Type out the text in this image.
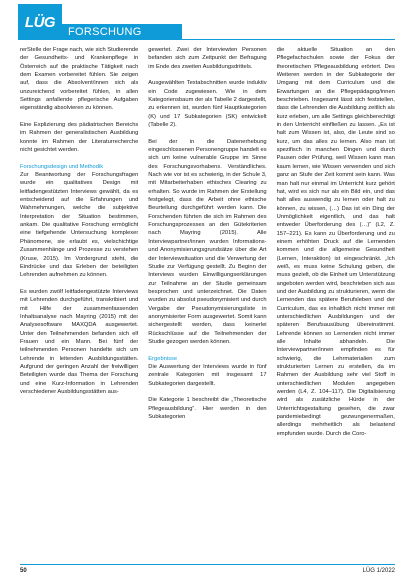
LÜG
FORSCHUNG

rerStelle der Frage nach, wie sich Studierende der Gesundheits- und Krankenpflege in Österreich auf die praktische Tätigkeit nach dem Examen vorbereitet fühlen. Sie zeigen auf, dass die Absolvent/innen sich als unzureichend vorbereitet fühlen, in allen Settings anfallende pflegerische Aufgaben eigenständig absolvieren zu können.

Eine Explizierung des pädiatrischen Bereichs im Rahmen der generalistischen Ausbildung konnte im Rahmen der Literaturrecherche nicht gesichtet werden.

Forschungsdesign und Methodik

Zur Beantwortung der Forschungsfragen wurde ein qualitatives Design mit leitfadengestützten Interviews gewählt, da es entscheidend auf die Erfahrungen und Wahrnehmungen, welche die subjektive Interpretation der Situation bestimmen, ankam. Die qualitative Forschung ermöglicht eine tiefgehende Untersuchung komplexer Phänomene, sie erlaubt es, vielschichtige Zusammenhänge und Prozesse zu verstehen (Kruse, 2015). Im Vordergrund steht, die Eindrücke und das Erleben der beteiligten Lehrenden aufnehmen zu können.

Es wurden zwölf leitfadengestützte Interviews mit Lehrenden durchgeführt, transkribiert und mit Hilfe der zusammenfassenden Inhaltsanalyse nach Mayring (2015) mit der Analysesoftware MAXQDA ausgewertet. Unter den Teilnehmenden befanden sich elf Frauen und ein Mann. Bei fünf der teilnehmenden Personen handelte sich um Lehrende in leitenden Ausbildungsstätten. Aufgrund der geringen Anzahl der freiwilligen Beteiligten wurde das Thema der Forschung und eine Kurz-Information in Lehrenden verschiedener Ausbildungsstätten aus-

gewertet. Zwei der Interviewten Personen befanden sich zum Zeitpunkt der Befragung im Ende des zweiten Ausbildungsdrittels.

Ausgewählten Textabschnitten wurde induktiv ein Code zugewiesen. Wie in dem Kategoriensbaum der als Tabelle 2 dargestellt, zu erkennen ist, wurden fünf Hauptkategorien (K) und 17 Subkategorien (SK) entwickelt (Tabelle 2).

Bei der in die Datenerhebung eingeschlossenen Personengruppe handelt es sich um keine vulnerable Gruppe im Sinne des Forschungsvorhabens. Verständliches. Nach wie vor ist es schwierig, in der Schule 3, mit Mitarbeiterhaben ethisches Clearing zu erhalten. So wurde im Rahmen der Erstellung festgelegt, dass die Arbeit ohne ethische Beurteilung durchgeführt werden kann. Die Forschenden führten die sich im Rahmen des Forschungsprozesses an den Gütekriterien nach Mayring (2015). Alle Interviewpartner/innen wurden Informations- und Anonymisierungsgrundsätze über die Art der Interviewsituation und die Verwertung der Studie zur Verfügung gestellt. Zu Beginn der Interviews wurden Einwilligungserklärungen zur Teilnahme an der Studie gemeinsam besprochen und unterzeichnet. Die Daten wurden zu absolut pseudonymisiert und durch Vergabe der Pseudonymisierungsliste in anonymisierter Form ausgewertet. Somit kann sichergestellt werden, dass keinerlei Rückschlüsse auf die Teilnehmenden der Studie gezogen werden können.

Ergebnisse

Die Auswertung der Interviews wurde in fünf zentrale Kategorien mit insgesamt 17 Subkategorien dargestellt.

Die Kategorie 1 beschreibt die „Theoretische Pflegeausbildung“. Hier werden in den Subkategorien

die aktuelle Situation an den Pflegefachschulen sowie der Fokus der theoretischen Pflegeausbildung erörtert. Des Weiteren werden in der Subkategorie der Umgang mit dem Curriculum und die Erwartungen an die Pflegepädagog/innen beschrieben. Insgesamt lässt sich feststellen, dass die Lehrenden die Ausbildung zeitlich als kurz erleben, um alle Settings gleichberechtigt in den Unterricht einfließen zu lassen. „Es ist halt zum Wissen ist, also, die Leute sind so kurz, um das alles zu lernen. Also man ist spezifisch in manchen Dingen und durch Pausen oder Prüfung, weil Wissen kann man kaum lernen, wie Wissen verwenden und sich ganz an Stufe der Zeit kommt sein kann. Was man halt nur einmal im Unterricht kurz gehört hat, wird es sich nur als ein Bild ein, und das halt alles auswendig zu lernen oder halt zu können, zu wissen, (…) Das ist ein Ding der Unmöglichkeit eigentlich, und das halt entweder Überforderung des (…)“ (L2, Z. 157–221). Es kann zu Überforderung und zu einem erhöhten Druck auf die Lernenden kommen und die allgemeine Gesundheit (Lernen, Interaktion) ist eingeschränkt. „Ich weiß, es muss keine Schulung geben, die muss gezielt, ob die Einheit um Unterstützung angeboten werden wird, beschrieben sich aus und der Ausbildung zu strukturieren, wenn die Lernenden das spätere Berufsleben und der Curriculum, das es inhaltlich nicht immer mit unterschiedlichen Ausbildungen und der späteren Berufsausübung übereinstimmt. Lehrende können so Lernenden nicht immer alle Inhalte abhandeln. Die Interviewpartner/innen empfinden es für schwierig, die Lehrmaterialien zum strukturierten Lernen zu erstellen, da im Rahmen der Ausbildung sehr viel Stoff in unterschiedlichen Modulen angegeben werden (L4, Z. 104–117). Die Digitalisierung wird als zusätzliche Hürde in der Unterrichtsgestaltung gesehen, die zwar pandemiebedingt gezwungenermaßen, allerdings mehrheitlich als belastend empfunden wurde. Durch die Coro-

50	LÜG 1/2022
